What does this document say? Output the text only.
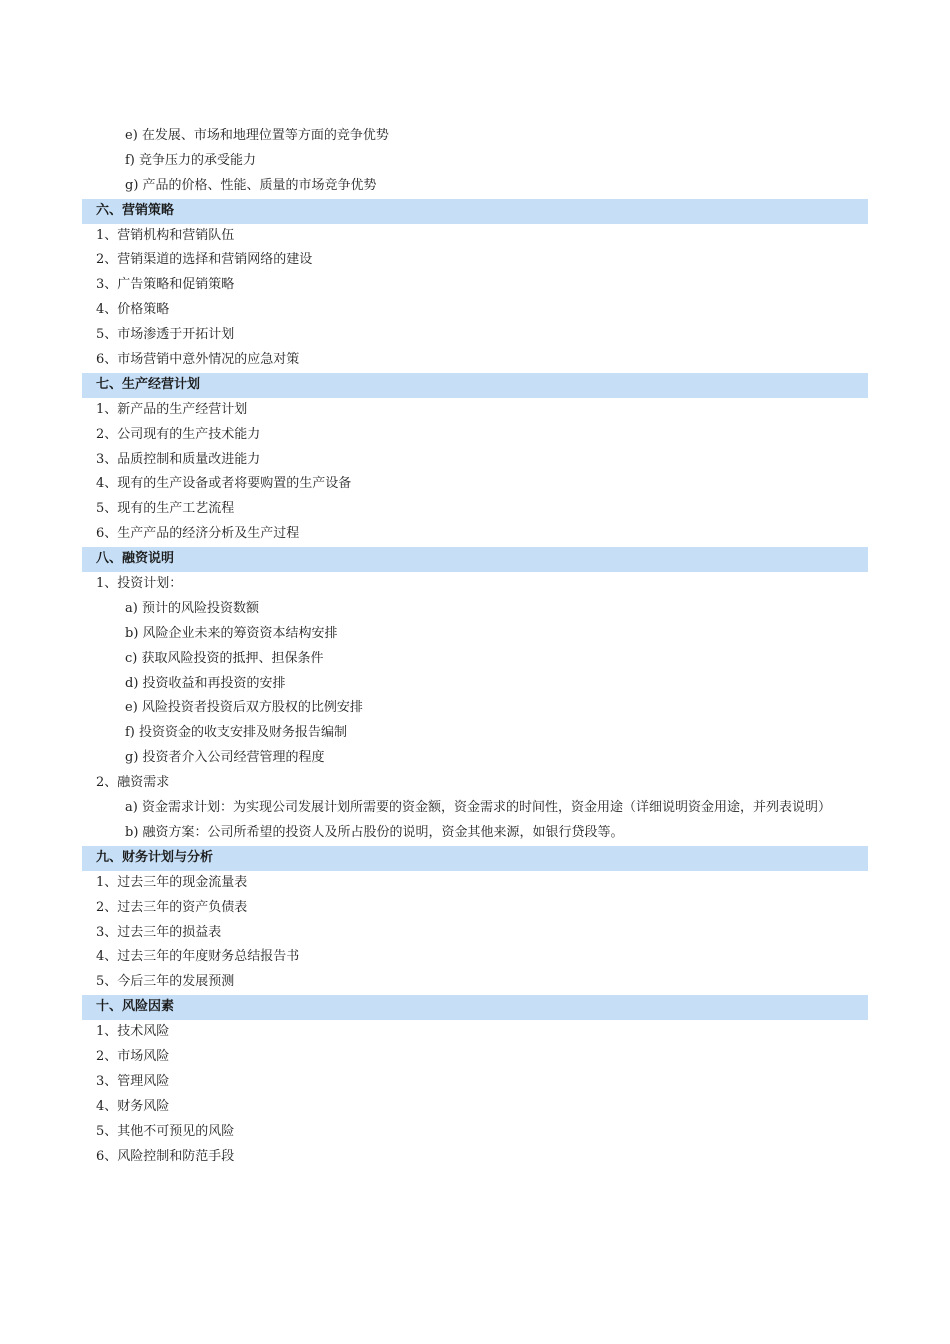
e) 在发展、市场和地理位置等方面的竞争优势
f) 竞争压力的承受能力
g) 产品的价格、性能、质量的市场竞争优势
六、营销策略
1、营销机构和营销队伍
2、营销渠道的选择和营销网络的建设
3、广告策略和促销策略
4、价格策略
5、市场渗透于开拓计划
6、市场营销中意外情况的应急对策
七、生产经营计划
1、新产品的生产经营计划
2、公司现有的生产技术能力
3、品质控制和质量改进能力
4、现有的生产设备或者将要购置的生产设备
5、现有的生产工艺流程
6、生产产品的经济分析及生产过程
八、融资说明
1、投资计划：
a) 预计的风险投资数额
b) 风险企业未来的筹资资本结构安排
c) 获取风险投资的抵押、担保条件
d) 投资收益和再投资的安排
e) 风险投资者投资后双方股权的比例安排
f) 投资资金的收支安排及财务报告编制
g) 投资者介入公司经营管理的程度
2、融资需求
a) 资金需求计划：为实现公司发展计划所需要的资金额，资金需求的时间性，资金用途（详细说明资金用途，并列表说明）
b) 融资方案：公司所希望的投资人及所占股份的说明，资金其他来源，如银行贷段等。
九、财务计划与分析
1、过去三年的现金流量表
2、过去三年的资产负债表
3、过去三年的损益表
4、过去三年的年度财务总结报告书
5、今后三年的发展预测
十、风险因素
1、技术风险
2、市场风险
3、管理风险
4、财务风险
5、其他不可预见的风险
6、风险控制和防范手段
